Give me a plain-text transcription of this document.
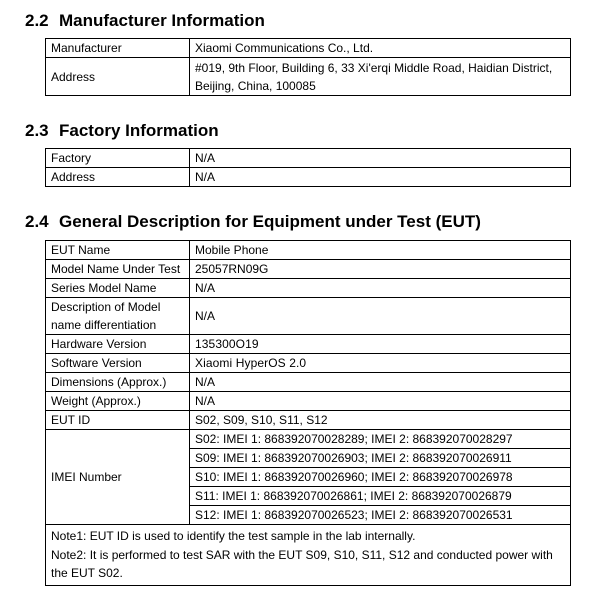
2.2 Manufacturer Information
Manufacturer	Xiaomi Communications Co., Ltd.
Address	#019, 9th Floor, Building 6, 33 Xi'erqi Middle Road, Haidian District,
Beijing, China, 100085
2.3 Factory Information
Factory	N/A
Address	N/A
2.4 General Description for Equipment under Test (EUT)
EUT Name	Mobile Phone
Model Name Under Test	25057RN09G
Series Model Name	N/A

Description of Model
name differentiation	N/A
Hardware Version	135300O19
Software Version	Xiaomi HyperOS 2.0
Dimensions (Approx.)	N/A
Weight (Approx.)	N/A
EUT ID	S02, S09, S10, S11, S12
IMEI Number	S02: IMEI 1: 868392070028289; IMEI 2: 868392070028297
	S09: IMEI 1: 868392070026903; IMEI 2: 868392070026911
	S10: IMEI 1: 868392070026960; IMEI 2: 868392070026978
	S11: IMEI 1: 868392070026861; IMEI 2: 868392070026879
	S12: IMEI 1: 868392070026523; IMEI 2: 868392070026531

Note1: EUT ID is used to identify the test sample in the lab internally.
Note2: It is performed to test SAR with the EUT S09, S10, S11, S12 and conducted power with
the EUT S02.	
